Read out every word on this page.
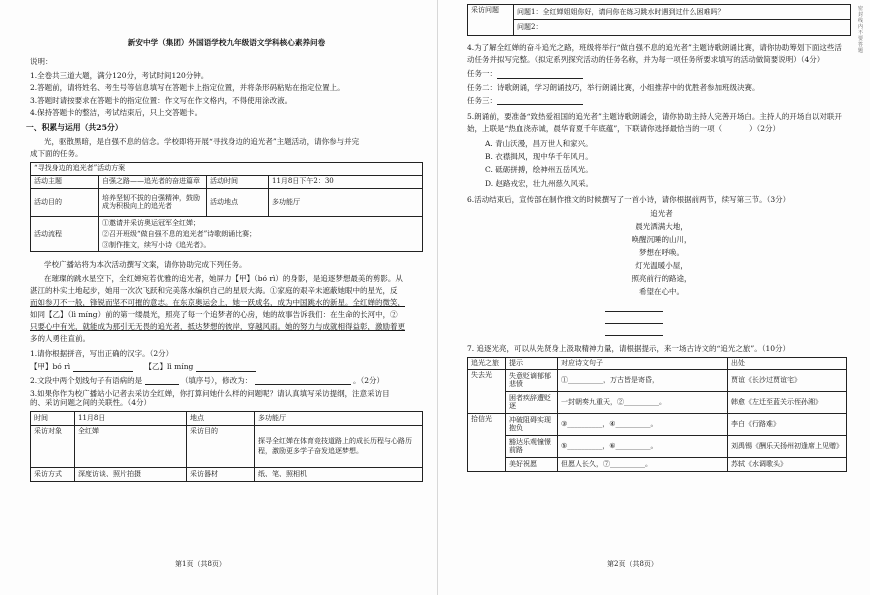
密封线内不要答题
新安中学（集团）外国语学校九年级语文学科核心素养问卷
说明：
1.全卷共三道大题，满分120分，考试时间120分钟。
2.答题前，请将姓名、考生号等信息填写在答题卡上指定位置，并将条形码粘贴在指定位置上。
3.答题时请按要求在答题卡的指定位置：作文写在作文格内，不得使用涂改液。
4.保持答题卡的整洁，考试结束后，只上交答题卡。
一、积累与运用（共25分）
光，驱散黑暗，是自强不息的信念。学校即将开展“寻找身边的追光者”主题活动，请你参与并完
成下面的任务。
“寻找身边的追光者”活动方案			
活动主题	自强之路——追光者的奋进篇章	活动时间	11月8日下午2：30
活动目的	培养坚韧不拔的自强精神，鼓励成为积极向上的追光者	活动地点	多功能厅
活动流程	①邀请并采访奥运冠军全红婵；
②召开班级“做自强不息的追光者”诗歌朗诵比赛；
③制作推文，续写小诗《追光者》。		
学校广播站将为本次活动撰写文案，请你协助完成下列任务。
在璀璨的跳水星空下，全红婵宛若优雅的追光者，她屏力【甲】（bó rì）的身影，是追逐梦想最美的剪影。从
湛江的朴实土地起步，她用一次次飞跃和完美落水编织自己的星辰大海。①家庭的艰辛未遮蔽她眼中的星光，反
而如参刀不一般，锋锐而坚不可摧的意志。在东京奥运会上，她一跃成名，成为中国跳水的新星。全红婵的微笑，
如同【乙】（lì míng）前的第一缕晨光，照亮了每一个追梦者的心房，她的故事告诉我们：在生命的长河中，②
只要心中有光，就能成为那引无无畏的追光者，抵达梦想的彼岸，穿越风雨。她的努力与成就相得益彰，激励着更
多的人勇往直前。
1.请你根据拼音，写出正确的汉字。（2分）
【甲】bó rì	【乙】lì míng
2.文段中两个划线句子有语病的是	（填序号），修改为：	。（2分）
3.如果你作为校广播站小记者去采访全红婵，你打算问她什么样的问题呢？请认真填写采访提纲，注意采访目
的、采访问题之间的关联性。（4分）
时间	11月8日	地点	多功能厅
采访对象	全红婵	采访目的	探寻全红婵在体育竞技道路上的成长历程与心路历程，激励更多学子奋发追逐梦想。
采访方式	深度访谈、照片拍摄	采访器材	纸、笔、照相机
第1页（共8页）
采访问题	问题1：全红婵姐姐你好，请问你在练习跳水时遇到过什么困难吗？
问题2：
4.为了解全红婵的奋斗追光之路，班级将举行“做自强不息的追光者”主题诗歌朗诵比赛，请你协助筹划下面这些活
动任务并拟写完整。（拟定系列探究活动的任务名称，并为每一项任务所要求填写的活动做简要说明）（4分）
任务一：
任务二：诗歌朗诵，学习朗诵技巧，举行朗诵比赛，小组推荐中的优胜者参加班级决赛。
任务三：
5.朗诵前，要准备“致热爱祖国的追光者”主题诗歌朗诵会，请你协助主持人完善开场白。主持人的开场自以对联开
始，上联是“热血浇赤诚，晨华育夏千年底蕴”，下联请你选择最恰当的一项（	）（2分）
A. 青山沃漫，昌万世人和家兴。
B. 衣襟揖风，现中华千年风月。
C. 砥砺拼搏，绘神州五岳风光。
D. 赵路戎宏，壮九州慈久风采。
6.活动结束后，宣传部在制作推文的时候撰写了一首小诗，请你根据前两节，续写第三节。（3分）
追光者
晨光洒满大地，
唤醒沉睡的山川，
梦想在呼唤。
灯光温暖小屋，
照亮前行的路途，
希望在心中。
7. 追逐光亮，可以从先贤身上汲取精神力量，请根据提示，来一场古诗文的“追光之旅”。（10分）
追光之旅	提示	对应诗文句子	出处
失去光	失意贬谪郁郁悲愤	①__________，万古皆是寄昏，	贾谊《长沙过贾谊宅》
	困者疾辞遭贬逐	一封朝奏九重天，②__________。	韩愈《左迁至蓝关示侄孙湘》
拾信光	冲破阻碍实现抱负	③__________，④__________。	李白《行路难》
	豁达乐观憧憬前路	⑤__________，⑥__________。	刘禹锡《酬乐天扬州初逢席上见赠》
	美好祝愿	但愿人长久，⑦__________。	苏轼《水调歌头》
第2页（共8页）
